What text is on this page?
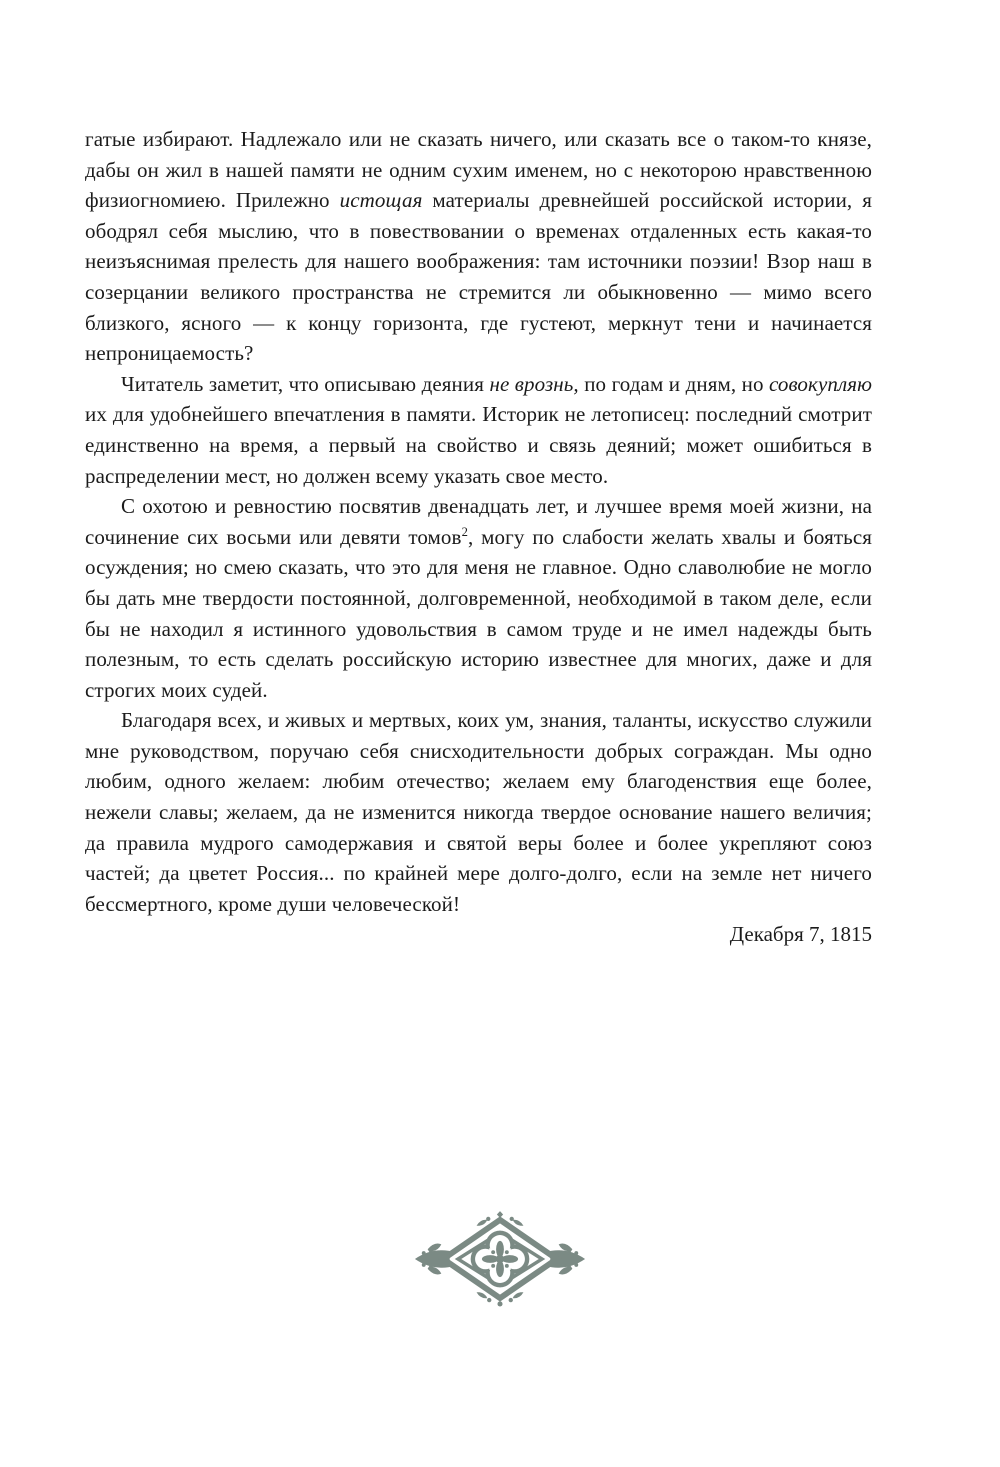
гатые избирают. Надлежало или не сказать ничего, или сказать все о таком-то князе, дабы он жил в нашей памяти не одним сухим именем, но с некоторою нравственною физиогномиею. Прилежно истощая материалы древнейшей российской истории, я ободрял себя мыслию, что в повествовании о временах отдаленных есть какая-то неизъяснимая прелесть для нашего воображения: там источники поэзии! Взор наш в созерцании великого пространства не стремится ли обыкновенно — мимо всего близкого, ясного — к концу горизонта, где густеют, меркнут тени и начинается непроницаемость?

Читатель заметит, что описываю деяния не врознь, по годам и дням, но совокупляю их для удобнейшего впечатления в памяти. Историк не летописец: последний смотрит единственно на время, а первый на свойство и связь деяний; может ошибиться в распределении мест, но должен всему указать свое место.

С охотою и ревностию посвятив двенадцать лет, и лучшее время моей жизни, на сочинение сих восьми или девяти томов$^2$, могу по слабости желать хвалы и бояться осуждения; но смею сказать, что это для меня не главное. Одно славолюбие не могло бы дать мне твердости постоянной, долговременной, необходимой в таком деле, если бы не находил я истинного удовольствия в самом труде и не имел надежды быть полезным, то есть сделать российскую историю известнее для многих, даже и для строгих моих судей.

Благодаря всех, и живых и мертвых, коих ум, знания, таланты, искусство служили мне руководством, поручаю себя снисходительности добрых сограждан. Мы одно любим, одного желаем: любим отечество; желаем ему благоденствия еще более, нежели славы; желаем, да не изменится никогда твердое основание нашего величия; да правила мудрого самодержавия и святой веры более и более укрепляют союз частей; да цветет Россия... по крайней мере долго-долго, если на земле нет ничего бессмертного, кроме души человеческой!

Декабря 7, 1815
